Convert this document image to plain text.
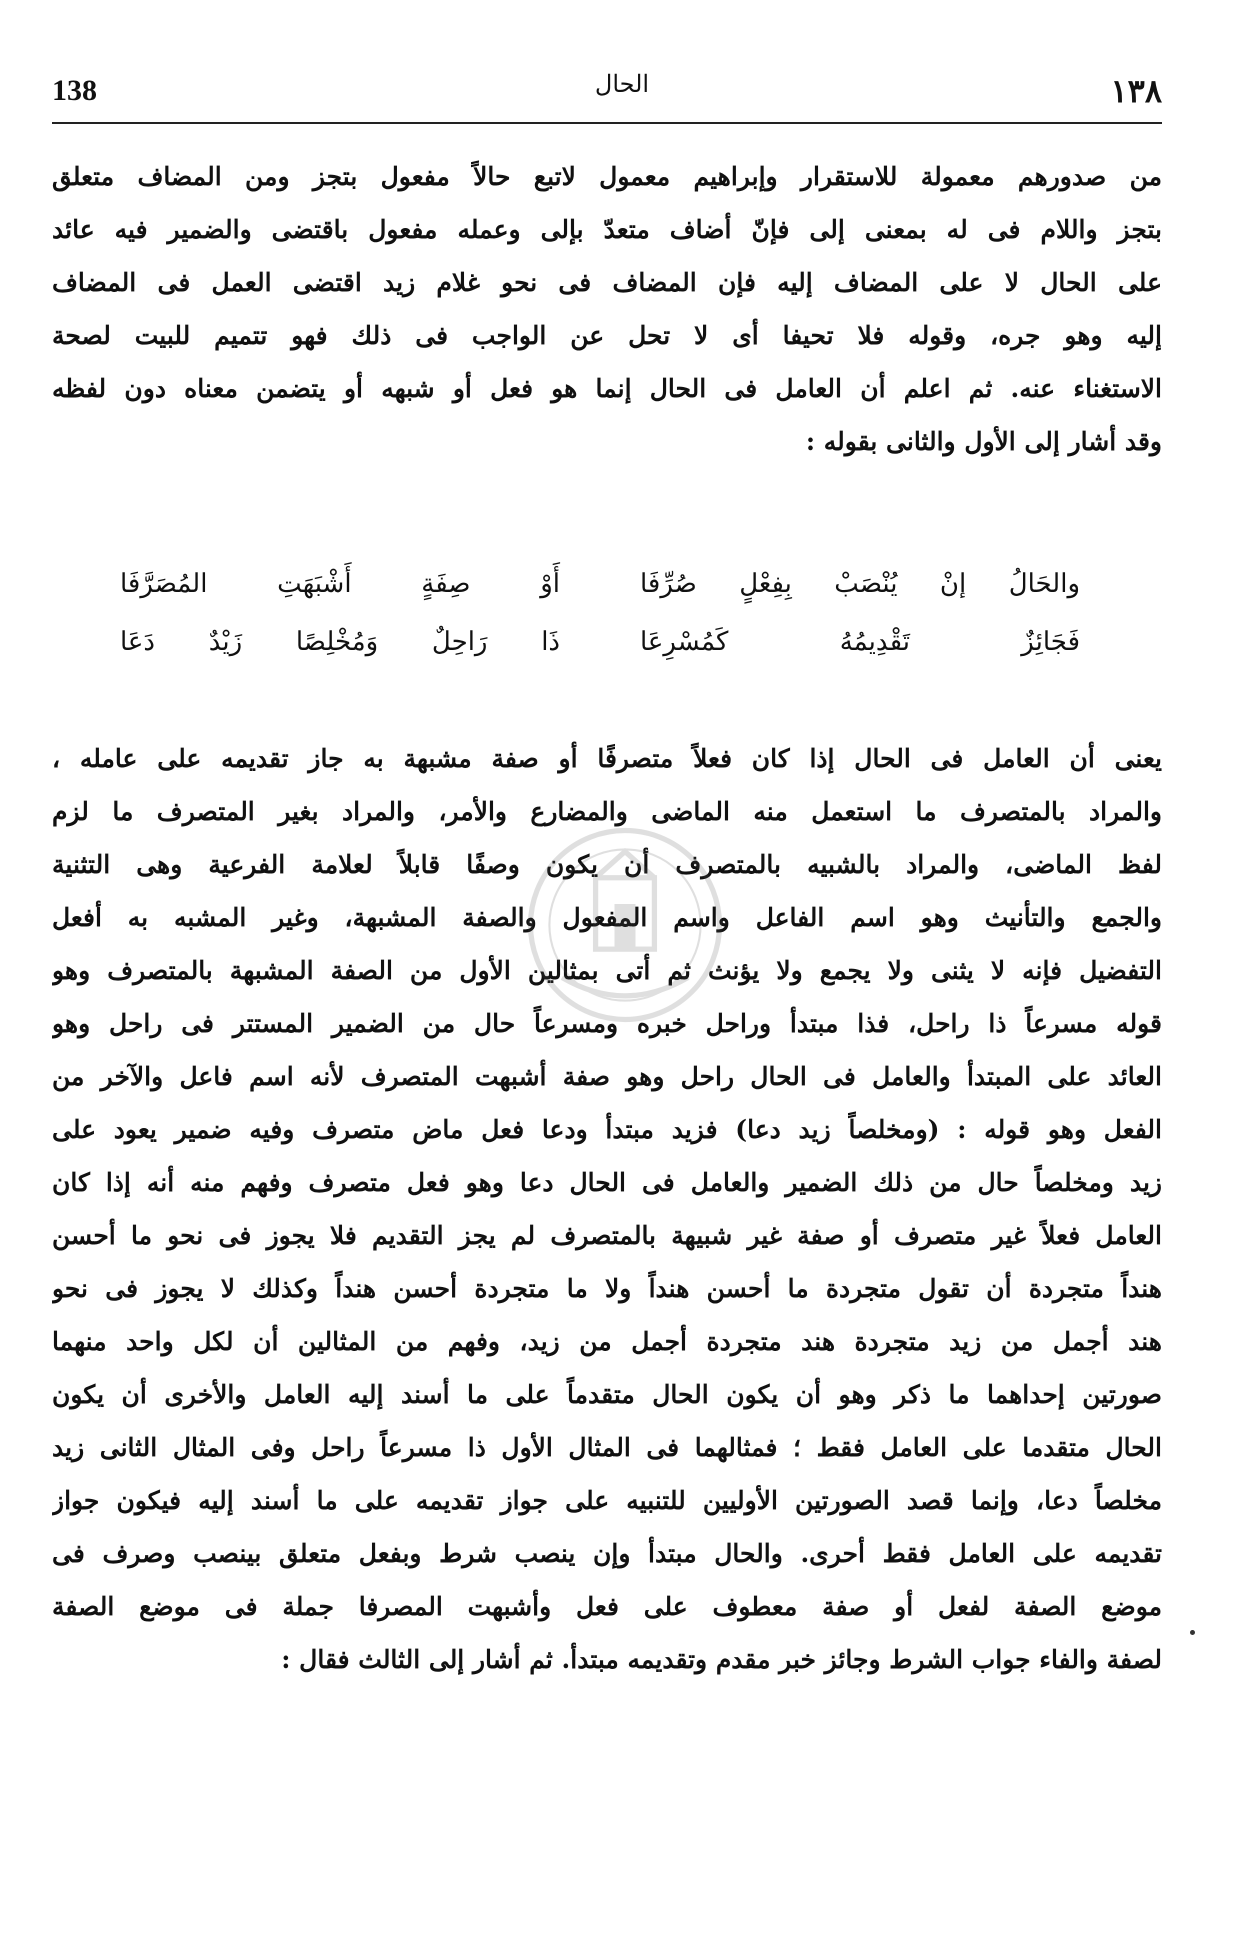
138	الحال	١٣٨
من صدورهم معمولة للاستقرار وإبراهيم معمول لاتبع حالاً مفعول بتجز ومن المضاف متعلق
بتجز واللام فى له بمعنى إلى فإنّ أضاف متعدّ بإلى وعمله مفعول باقتضى والضمير فيه عائد
على الحال لا على المضاف إليه فإن المضاف فى نحو غلام زيد اقتضى العمل فى المضاف
إليه وهو جره، وقوله فلا تحيفا أى لا تحل عن الواجب فى ذلك فهو تتميم للبيت لصحة
الاستغناء عنه. ثم اعلم أن العامل فى الحال إنما هو فعل أو شبهه أو يتضمن معناه دون لفظه
وقد أشار إلى الأول والثانى بقوله :
والحَالُ إنْ يُنْصَبْ بِفِعْلٍ صُرِّفَا
أَوْ صِفَةٍ أَشْبَهَتِ المُصَرَّفَا
فَجَائِزٌ تَقْدِيمُهُ كَمُسْرِعَا
ذَا رَاحِلٌ وَمُخْلِصًا زَيْدٌ دَعَا
يعنى أن العامل فى الحال إذا كان فعلاً متصرفًا أو صفة مشبهة به جاز تقديمه على عامله ،
والمراد بالمتصرف ما استعمل منه الماضى والمضارع والأمر، والمراد بغير المتصرف ما لزم
لفظ الماضى، والمراد بالشبيه بالمتصرف أن يكون وصفًا قابلاً لعلامة الفرعية وهى التثنية
والجمع والتأنيث وهو اسم الفاعل واسم المفعول والصفة المشبهة، وغير المشبه به أفعل
التفضيل فإنه لا يثنى ولا يجمع ولا يؤنث ثم أتى بمثالين الأول من الصفة المشبهة بالمتصرف وهو
قوله مسرعاً ذا راحل، فذا مبتدأ وراحل خبره ومسرعاً حال من الضمير المستتر فى راحل وهو
العائد على المبتدأ والعامل فى الحال راحل وهو صفة أشبهت المتصرف لأنه اسم فاعل والآخر من
الفعل وهو قوله : (ومخلصاً زيد دعا) فزيد مبتدأ ودعا فعل ماض متصرف وفيه ضمير يعود على
زيد ومخلصاً حال من ذلك الضمير والعامل فى الحال دعا وهو فعل متصرف وفهم منه أنه إذا كان
العامل فعلاً غير متصرف أو صفة غير شبيهة بالمتصرف لم يجز التقديم فلا يجوز فى نحو ما أحسن
هنداً متجردة أن تقول متجردة ما أحسن هنداً ولا ما متجردة أحسن هنداً وكذلك لا يجوز فى نحو
هند أجمل من زيد متجردة هند متجردة أجمل من زيد، وفهم من المثالين أن لكل واحد منهما
صورتين إحداهما ما ذكر وهو أن يكون الحال متقدماً على ما أسند إليه العامل والأخرى أن يكون
الحال متقدما على العامل فقط ؛ فمثالهما فى المثال الأول ذا مسرعاً راحل وفى المثال الثانى زيد
مخلصاً دعا، وإنما قصد الصورتين الأوليين للتنبيه على جواز تقديمه على ما أسند إليه فيكون جواز
تقديمه على العامل فقط أحرى. والحال مبتدأ وإن ينصب شرط وبفعل متعلق بينصب وصرف فى
موضع الصفة لفعل أو صفة معطوف على فعل وأشبهت المصرفا جملة فى موضع الصفة
لصفة والفاء جواب الشرط وجائز خبر مقدم وتقديمه مبتدأ. ثم أشار إلى الثالث فقال :
